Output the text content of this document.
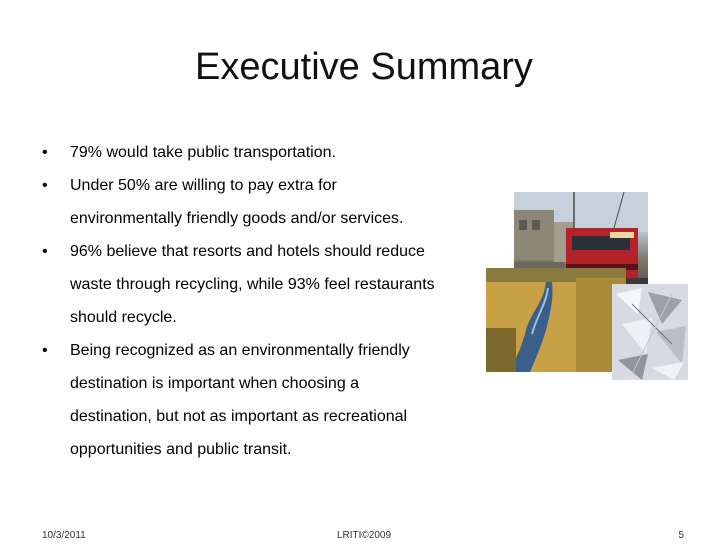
Executive Summary
• 79% would take public transportation.
• Under 50% are willing to pay extra for
environmentally friendly goods and/or services.
• 96% believe that resorts and hotels should reduce
waste through recycling, while 93% feel restaurants
should recycle.
• Being recognized as an environmentally friendly
destination is important when choosing a
destination, but not as important as recreational
opportunities and public transit.
10/3/2011	LRITI©2009	5
